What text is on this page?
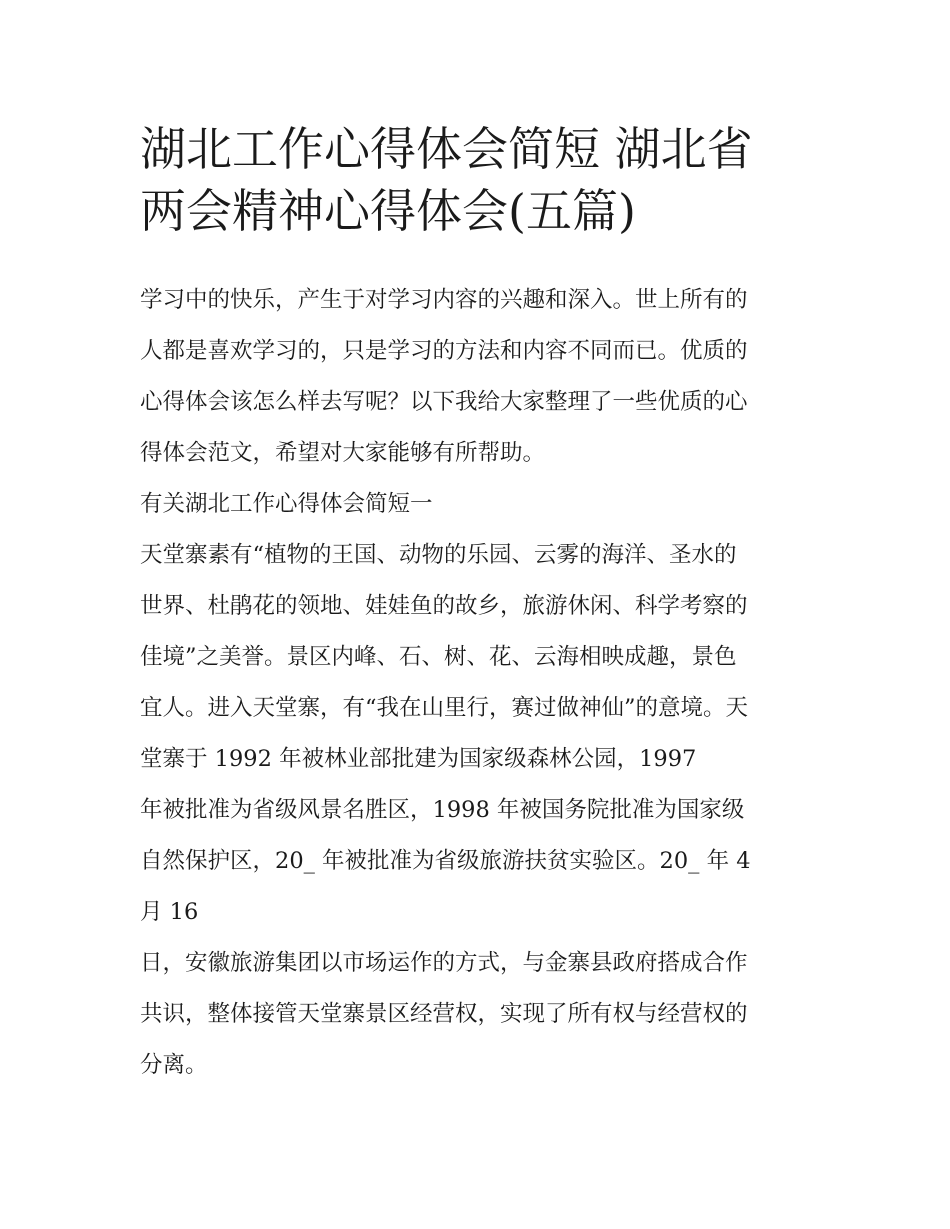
湖北工作心得体会简短 湖北省
两会精神心得体会(五篇)
学习中的快乐，产生于对学习内容的兴趣和深入。世上所有的
人都是喜欢学习的，只是学习的方法和内容不同而已。优质的
心得体会该怎么样去写呢？以下我给大家整理了一些优质的心
得体会范文，希望对大家能够有所帮助。
有关湖北工作心得体会简短一
天堂寨素有“植物的王国、动物的乐园、云雾的海洋、圣水的
世界、杜鹃花的领地、娃娃鱼的故乡，旅游休闲、科学考察的
佳境”之美誉。景区内峰、石、树、花、云海相映成趣，景色
宜人。进入天堂寨，有“我在山里行，赛过做神仙”的意境。天
堂寨于 1992 年被林业部批建为国家级森林公园，1997
年被批准为省级风景名胜区，1998 年被国务院批准为国家级
自然保护区，20_ 年被批准为省级旅游扶贫实验区。20_ 年 4
月 16
日，安徽旅游集团以市场运作的方式，与金寨县政府搭成合作
共识，整体接管天堂寨景区经营权，实现了所有权与经营权的
分离。
